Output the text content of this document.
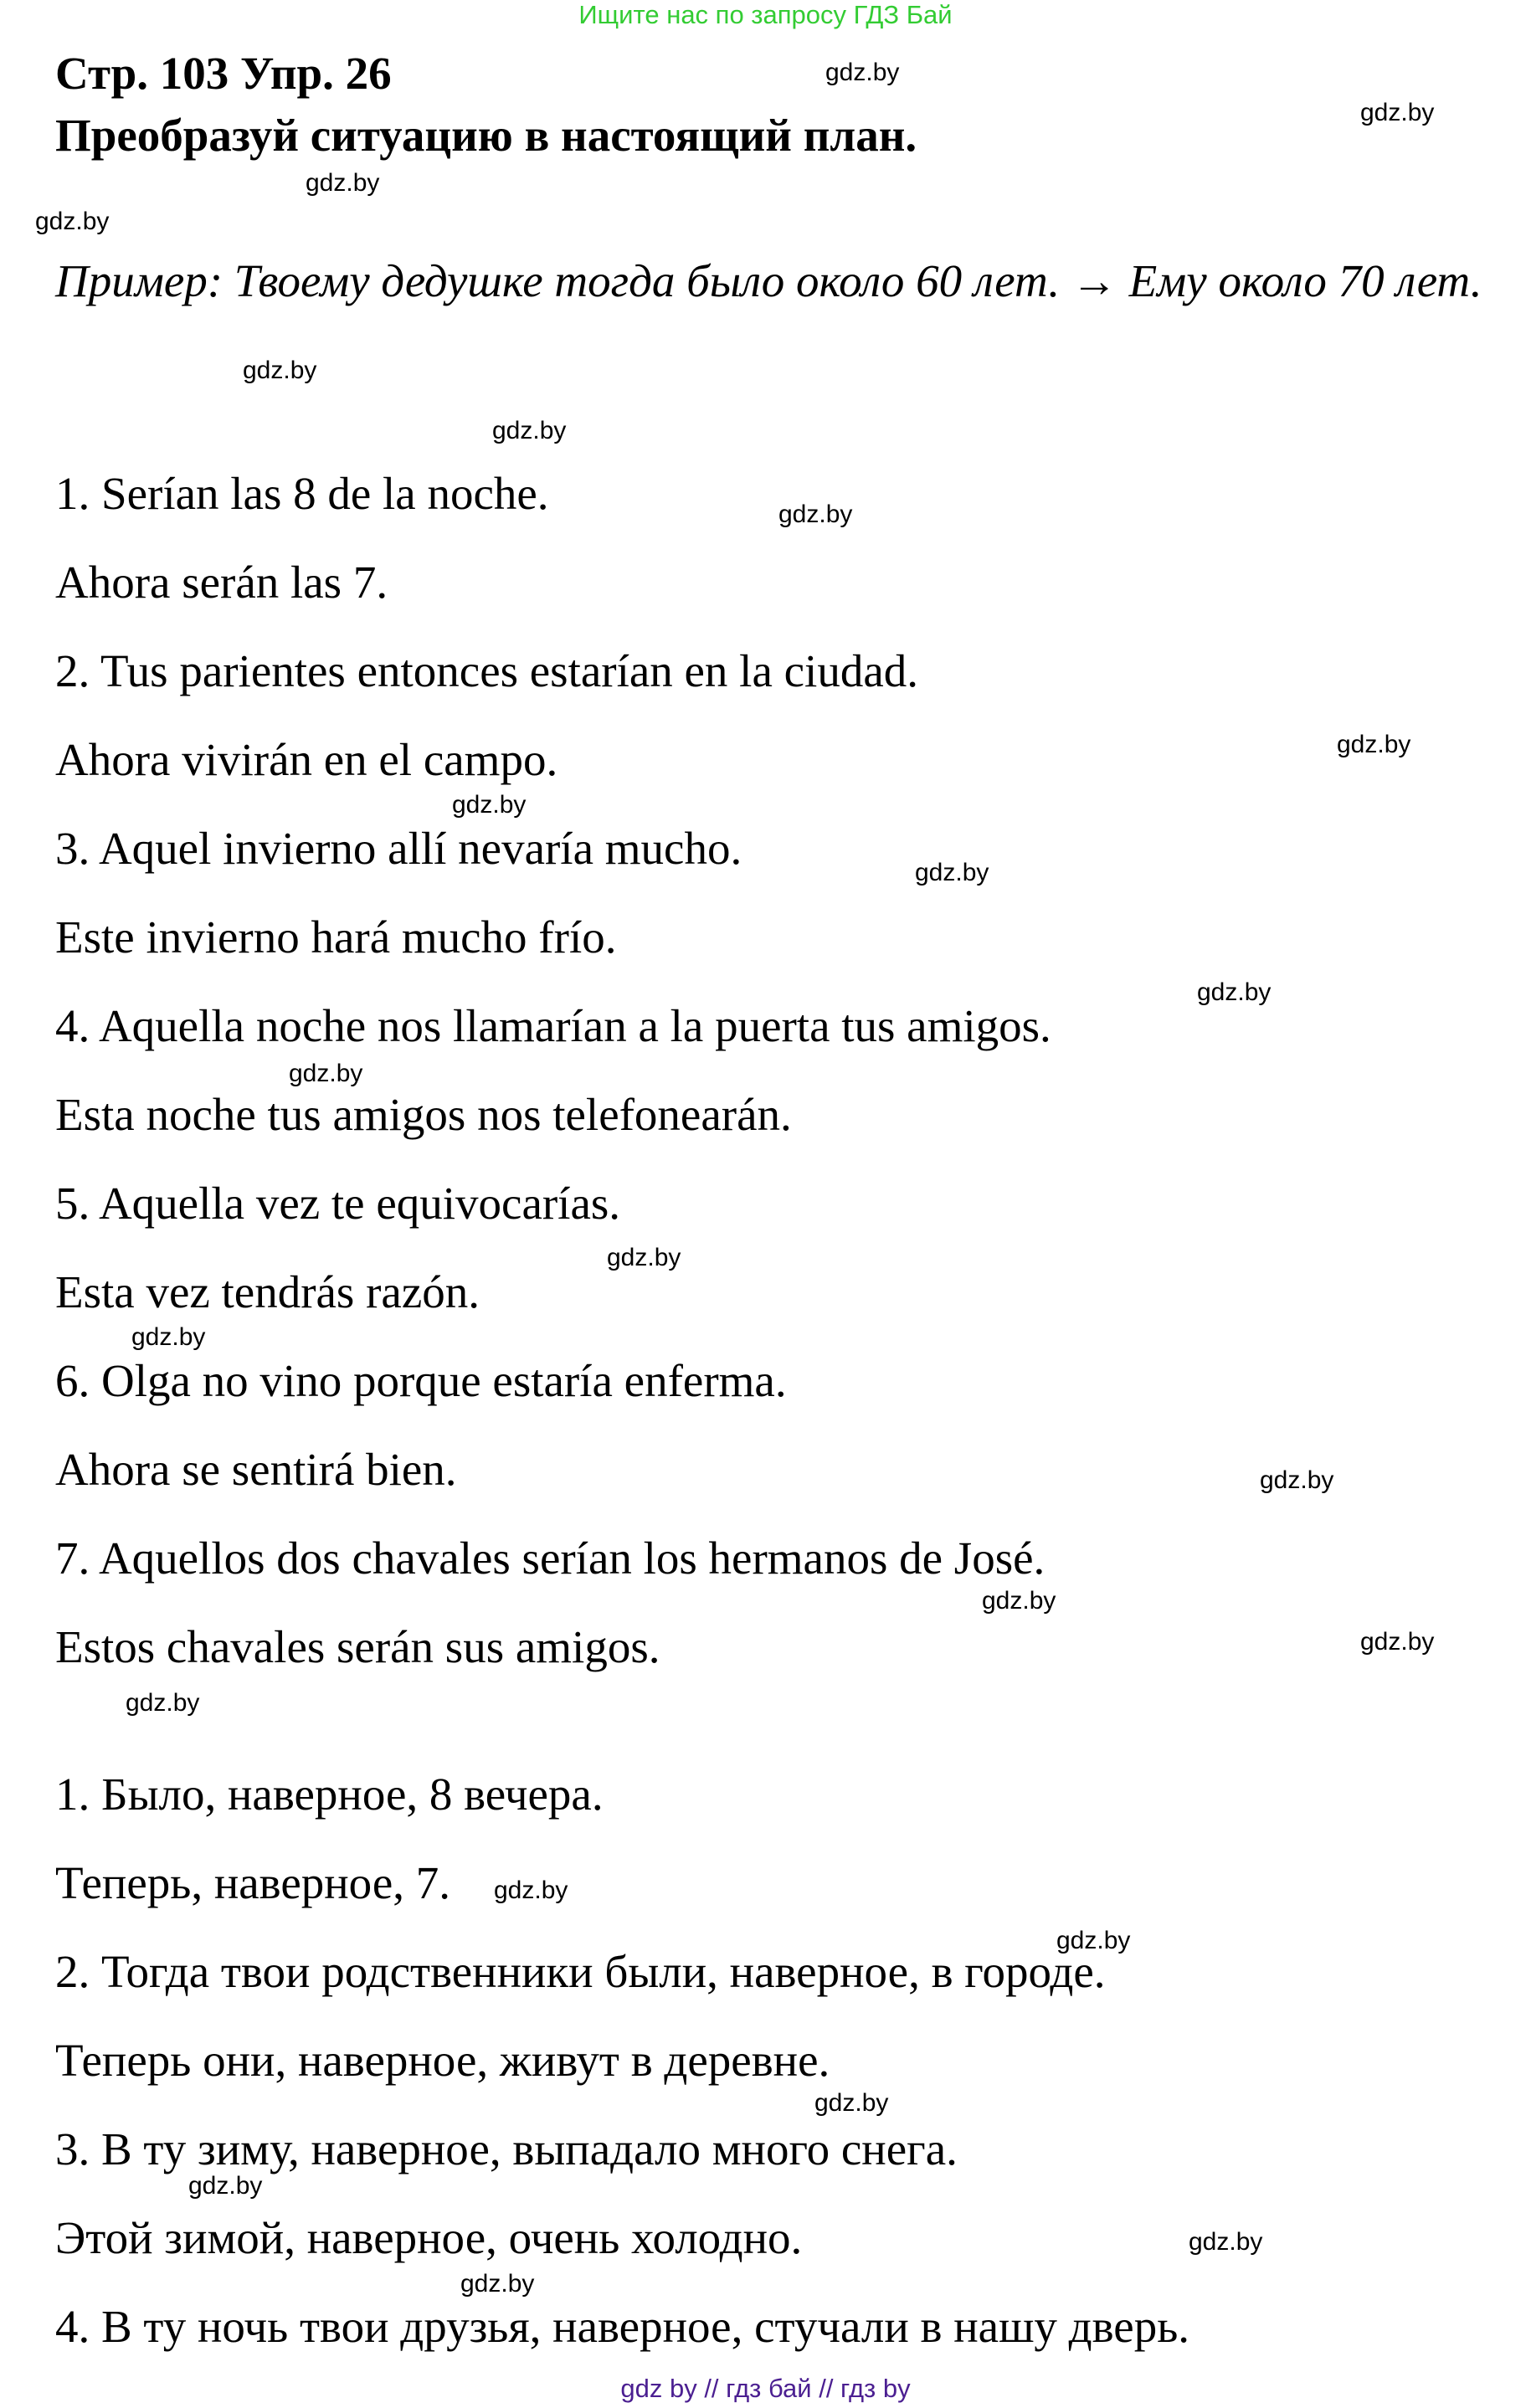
Ищите нас по запросу ГДЗ Бай
Стр. 103 Упр. 26
Преобразуй ситуацию в настоящий план.
Пример: Твоему дедушке тогда было около 60 лет. → Ему около 70 лет.
1. Serían las 8 de la noche.
Ahora serán las 7.
2. Tus parientes entonces estarían en la ciudad.
Ahora vivirán en el campo.
3. Aquel invierno allí nevaría mucho.
Este invierno hará mucho frío.
4. Aquella noche nos llamarían a la puerta tus amigos.
Esta noche tus amigos nos telefonearán.
5. Aquella vez te equivocarías.
Esta vez tendrás razón.
6. Olga no vino porque estaría enferma.
Ahora se sentirá bien.
7. Aquellos dos chavales serían los hermanos de José.
Estos chavales serán sus amigos.
1. Было, наверное, 8 вечера.
Теперь, наверное, 7.
2. Тогда твои родственники были, наверное, в городе.
Теперь они, наверное, живут в деревне.
3. В ту зиму, наверное, выпадало много снега.
Этой зимой, наверное, очень холодно.
4. В ту ночь твои друзья, наверное, стучали в нашу дверь.
gdz.by
gdz.by
gdz.by
gdz.by
gdz.by
gdz.by
gdz.by
gdz.by
gdz.by
gdz.by
gdz.by
gdz.by
gdz.by
gdz.by
gdz.by
gdz.by
gdz.by
gdz.by
gdz.by
gdz.by
gdz.by
gdz.by
gdz.by
gdz.by
gdz by // гдз бай // гдз by
